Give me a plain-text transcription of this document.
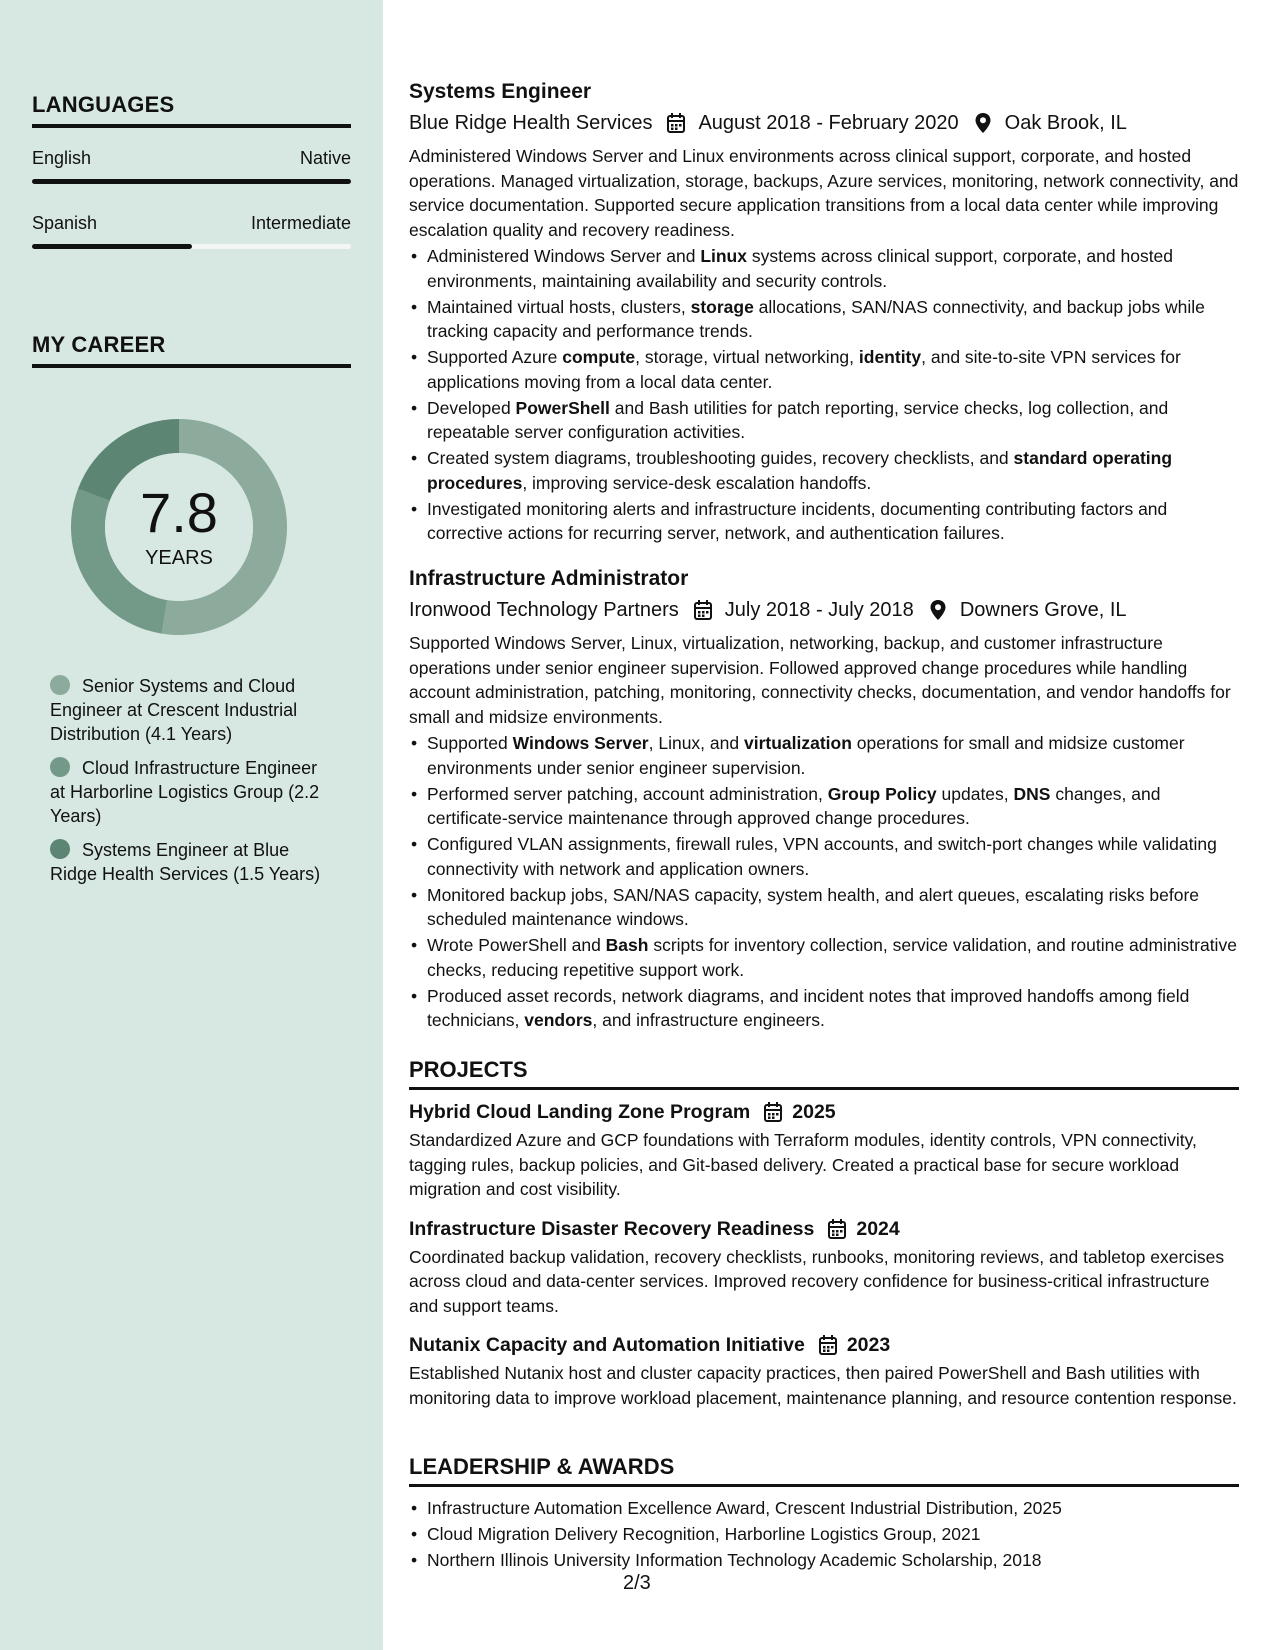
LANGUAGES
English	Native
Spanish	Intermediate
MY CAREER
7.8
YEARS
Senior Systems and Cloud Engineer at Crescent Industrial Distribution (4.1 Years)
Cloud Infrastructure Engineer at Harborline Logistics Group (2.2 Years)
Systems Engineer at Blue Ridge Health Services (1.5 Years)
Systems Engineer
Blue Ridge Health Services August 2018 - February 2020 Oak Brook, IL
Administered Windows Server and Linux environments across clinical support, corporate, and hosted operations. Managed virtualization, storage, backups, Azure services, monitoring, network connectivity, and service documentation. Supported secure application transitions from a local data center while improving escalation quality and recovery readiness.
• Administered Windows Server and Linux systems across clinical support, corporate, and hosted environments, maintaining availability and security controls.
• Maintained virtual hosts, clusters, storage allocations, SAN/NAS connectivity, and backup jobs while tracking capacity and performance trends.
• Supported Azure compute, storage, virtual networking, identity, and site-to-site VPN services for applications moving from a local data center.
• Developed PowerShell and Bash utilities for patch reporting, service checks, log collection, and repeatable server configuration activities.
• Created system diagrams, troubleshooting guides, recovery checklists, and standard operating procedures, improving service-desk escalation handoffs.
• Investigated monitoring alerts and infrastructure incidents, documenting contributing factors and corrective actions for recurring server, network, and authentication failures.
Infrastructure Administrator
Ironwood Technology Partners July 2018 - July 2018 Downers Grove, IL
Supported Windows Server, Linux, virtualization, networking, backup, and customer infrastructure operations under senior engineer supervision. Followed approved change procedures while handling account administration, patching, monitoring, connectivity checks, documentation, and vendor handoffs for small and midsize environments.
• Supported Windows Server, Linux, and virtualization operations for small and midsize customer environments under senior engineer supervision.
• Performed server patching, account administration, Group Policy updates, DNS changes, and certificate-service maintenance through approved change procedures.
• Configured VLAN assignments, firewall rules, VPN accounts, and switch-port changes while validating connectivity with network and application owners.
• Monitored backup jobs, SAN/NAS capacity, system health, and alert queues, escalating risks before scheduled maintenance windows.
• Wrote PowerShell and Bash scripts for inventory collection, service validation, and routine administrative checks, reducing repetitive support work.
• Produced asset records, network diagrams, and incident notes that improved handoffs among field technicians, vendors, and infrastructure engineers.
PROJECTS
Hybrid Cloud Landing Zone Program 2025
Standardized Azure and GCP foundations with Terraform modules, identity controls, VPN connectivity, tagging rules, backup policies, and Git-based delivery. Created a practical base for secure workload migration and cost visibility.
Infrastructure Disaster Recovery Readiness 2024
Coordinated backup validation, recovery checklists, runbooks, monitoring reviews, and tabletop exercises across cloud and data-center services. Improved recovery confidence for business-critical infrastructure and support teams.
Nutanix Capacity and Automation Initiative 2023
Established Nutanix host and cluster capacity practices, then paired PowerShell and Bash utilities with monitoring data to improve workload placement, maintenance planning, and resource contention response.
LEADERSHIP & AWARDS
• Infrastructure Automation Excellence Award, Crescent Industrial Distribution, 2025
• Cloud Migration Delivery Recognition, Harborline Logistics Group, 2021
• Northern Illinois University Information Technology Academic Scholarship, 2018
2/3
